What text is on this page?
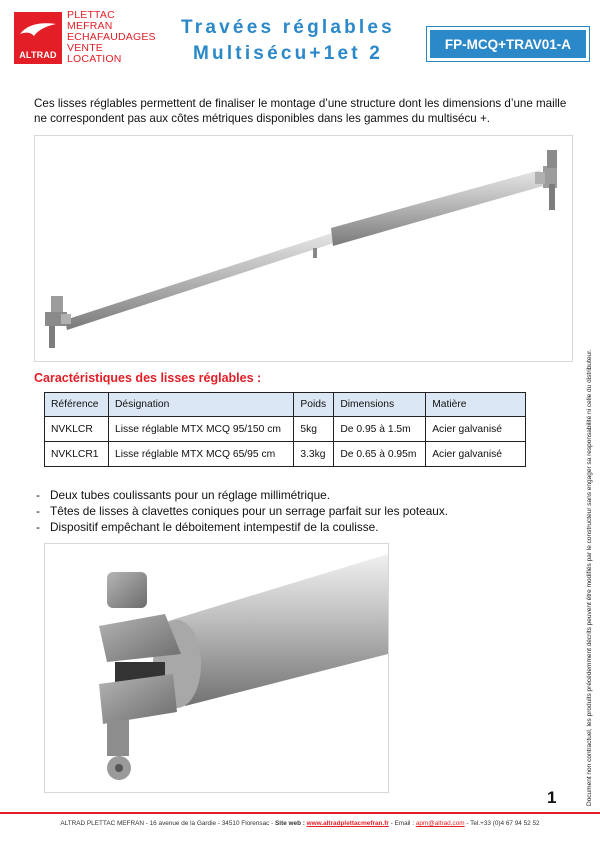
ALTRAD
PLETTAC
MEFRAN
ECHAFAUDAGES
VENTE
LOCATION
Travées réglables
Multisécu+1et 2	FP-MCQ+TRAV01-A
Ces lisses réglables permettent de finaliser le montage d’une structure dont les dimensions d’une maille ne correspondent pas aux côtes métriques disponibles dans les gammes du multisécu +.
Caractéristiques des lisses réglables :
Référence	Désignation	Poids	Dimensions	Matière
NVKLCR	Lisse réglable MTX MCQ 95/150 cm	5kg	De 0.95 à 1.5m	Acier galvanisé
NVKLCR1	Lisse réglable MTX MCQ 65/95 cm	3.3kg	De 0.65 à 0.95m	Acier galvanisé
- Deux tubes coulissants pour un réglage millimétrique.
- Têtes de lisses à clavettes coniques pour un serrage parfait sur les poteaux.
- Dispositif empêchant le déboitement intempestif de la coulisse.	Document non contractuel, les produits précédemment décrits peuvent être modifiés par le constructeur sans engager sa responsabilité ni celle du distributeur.
1
ALTRAD PLETTAC MEFRAN - 16 avenue de la Gardie - 34510 Florensac - Site web : www.altradplettacmefran.fr - Email : apm@altrad.com - Tel.+33 (0)4 67 94 52 52
